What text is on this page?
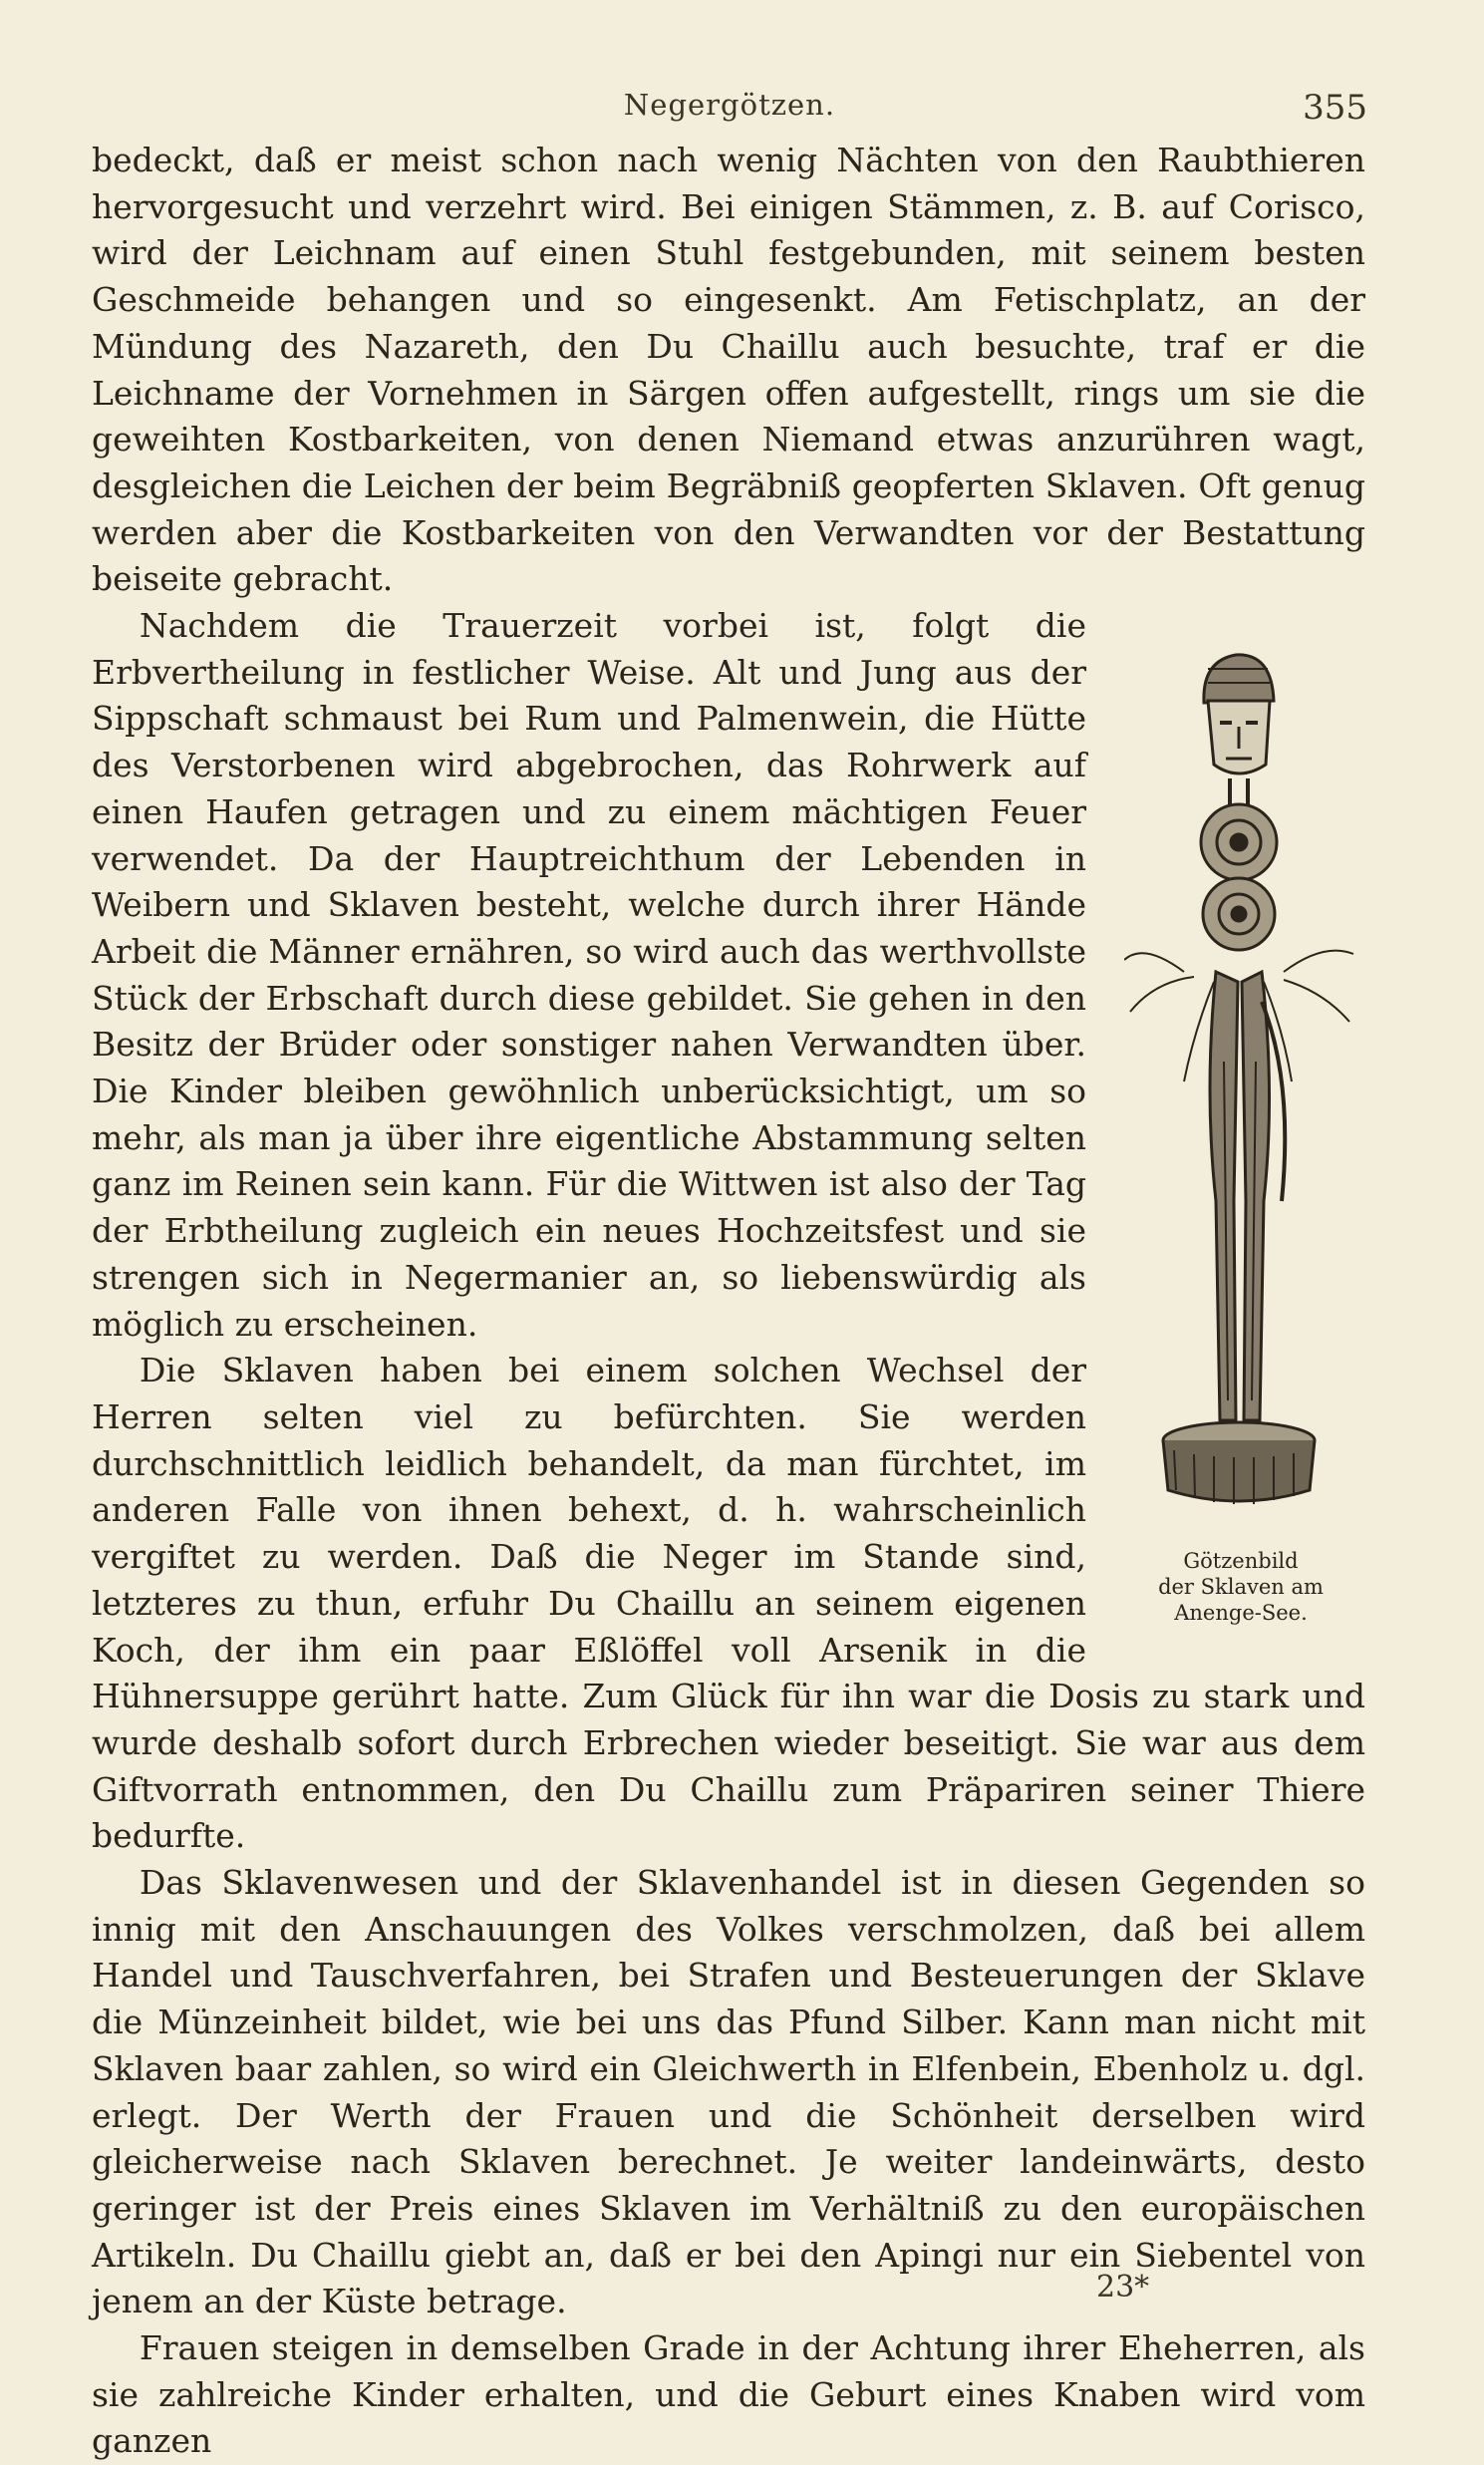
Negergötzen.	355

bedeckt, daß er meist schon nach wenig Nächten von den Raubthieren hervorgesucht und verzehrt wird. Bei einigen Stämmen, z. B. auf Corisco, wird der Leichnam auf einen Stuhl festgebunden, mit seinem besten Geschmeide behangen und so eingesenkt. Am Fetischplatz, an der Mündung des Nazareth, den Du Chaillu auch besuchte, traf er die Leichname der Vornehmen in Särgen offen aufgestellt, rings um sie die geweihten Kostbarkeiten, von denen Niemand etwas anzurühren wagt, desgleichen die Leichen der beim Begräbniß geopferten Sklaven. Oft genug werden aber die Kostbarkeiten von den Verwandten vor der Bestattung beiseite gebracht.

Götzenbild
der Sklaven am
Anenge-See.

Nachdem die Trauerzeit vorbei ist, folgt die Erbvertheilung in festlicher Weise. Alt und Jung aus der Sippschaft schmaust bei Rum und Palmenwein, die Hütte des Verstorbenen wird abgebrochen, das Rohrwerk auf einen Haufen getragen und zu einem mächtigen Feuer verwendet. Da der Hauptreichthum der Lebenden in Weibern und Sklaven besteht, welche durch ihrer Hände Arbeit die Männer ernähren, so wird auch das werthvollste Stück der Erbschaft durch diese gebildet. Sie gehen in den Besitz der Brüder oder sonstiger nahen Verwandten über. Die Kinder bleiben gewöhnlich unberücksichtigt, um so mehr, als man ja über ihre eigentliche Abstammung selten ganz im Reinen sein kann. Für die Wittwen ist also der Tag der Erbtheilung zugleich ein neues Hochzeitsfest und sie strengen sich in Negermanier an, so liebenswürdig als möglich zu erscheinen.

Die Sklaven haben bei einem solchen Wechsel der Herren selten viel zu befürchten. Sie werden durchschnittlich leidlich behandelt, da man fürchtet, im anderen Falle von ihnen behext, d. h. wahrscheinlich vergiftet zu werden. Daß die Neger im Stande sind, letzteres zu thun, erfuhr Du Chaillu an seinem eigenen Koch, der ihm ein paar Eßlöffel voll Arsenik in die Hühnersuppe gerührt hatte. Zum Glück für ihn war die Dosis zu stark und wurde deshalb sofort durch Erbrechen wieder beseitigt. Sie war aus dem Giftvorrath entnommen, den Du Chaillu zum Präpariren seiner Thiere bedurfte.

Das Sklavenwesen und der Sklavenhandel ist in diesen Gegenden so innig mit den Anschauungen des Volkes verschmolzen, daß bei allem Handel und Tauschverfahren, bei Strafen und Besteuerungen der Sklave die Münzeinheit bildet, wie bei uns das Pfund Silber. Kann man nicht mit Sklaven baar zahlen, so wird ein Gleichwerth in Elfenbein, Ebenholz u. dgl. erlegt. Der Werth der Frauen und die Schönheit derselben wird gleicherweise nach Sklaven berechnet. Je weiter landeinwärts, desto geringer ist der Preis eines Sklaven im Verhältniß zu den europäischen Artikeln. Du Chaillu giebt an, daß er bei den Apingi nur ein Siebentel von jenem an der Küste betrage.

Frauen steigen in demselben Grade in der Achtung ihrer Eheherren, als sie zahlreiche Kinder erhalten, und die Geburt eines Knaben wird vom ganzen

23*
